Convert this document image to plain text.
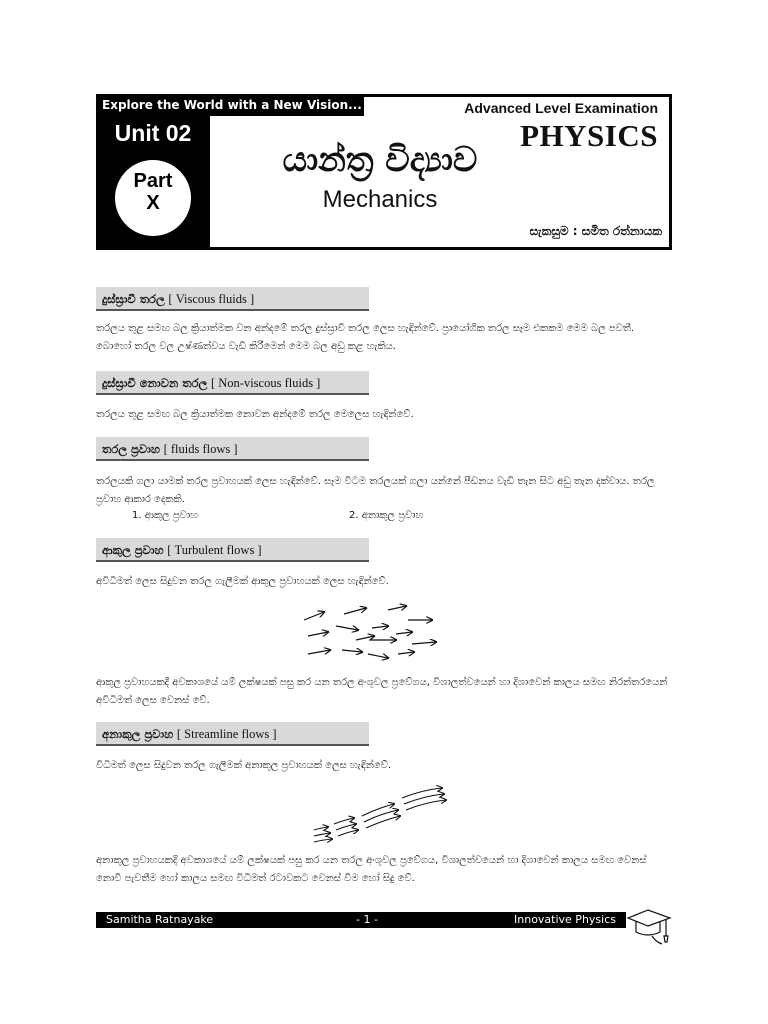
Explore the World with a New Vision...
Unit 02
Part
X
Advanced Level Examination
PHYSICS
යාන්ත්‍ර විද්‍යාව
Mechanics
සැකසුම : සමිත රත්නායක
දුස්ස්‍රාවී තරල [ Viscous fluids ]
තරලය තුළ සමඟ බල ක්‍රියාත්මක වන අන්දමේ තරල දුස්ස්‍රාවී තරල ලෙස හැඳින්වේ. ප්‍රායෝගික තරල සෑම එකකම මෙම බල පවතී. බොහෝ තරල වල උෂ්ණත්වය වැඩි කිරීමෙන් මෙම බල අඩු කළ හැකිය.
දුස්ස්‍රාවී නොවන තරල [ Non-viscous fluids ]
තරලය තුළ සමඟ බල ක්‍රියාත්මක නොවන අන්දමේ තරල මෙලෙස හැඳින්වේ.
තරල ප්‍රවාහ [ fluids flows ]
තරලයකි ගලා යාමක් තරල ප්‍රවාහයක් ලෙස හැඳින්වේ. සෑම විටම තරලයක් ගලා යන්නේ පීඩනය වැඩි තැන සිට අඩු තැන දක්වාය. තරල ප්‍රවාහ ආකාර දෙකකි.
1. ආකුල ප්‍රවාහ	2. අනාකුල ප්‍රවාහ
ආකුල ප්‍රවාහ [ Turbulent flows ]
අවිධිමත් ලෙස සිදුවන තරල ගැලීමක් ආකුල ප්‍රවාහයක් ලෙස හැඳින්වේ.
ආකුල ප්‍රවාහයකදී අවකාශයේ යම් ලක්ෂයක් පසු කර යන තරල අංශුවල ප්‍රවේගය, විශාලත්වයෙන් හා දිශාවෙන් කාලය සමඟ නිරන්තරයෙන් අවිධිමත් ලෙස වෙනස් වේ.
අනාකුල ප්‍රවාහ [ Streamline flows ]
විධිමත් ලෙස සිදුවන තරල ගැලීමක් අනාකුල ප්‍රවාහයක් ලෙස හැඳින්වේ.
අනාකුල ප්‍රවාහයකදී අවකාශයේ යම් ලක්ෂයක් පසු කර යන තරල අංශුවල ප්‍රවේගය, විශාලත්වයෙන් හා දිශාවෙන් කාලය සමඟ වෙනස් නොවී පැවතීම හෝ කාලය සමඟ විධිමත් රටාවකට වෙනස් වීම හෝ සිදු වේ.
Samitha Ratnayake	- 1 -	Innovative Physics
